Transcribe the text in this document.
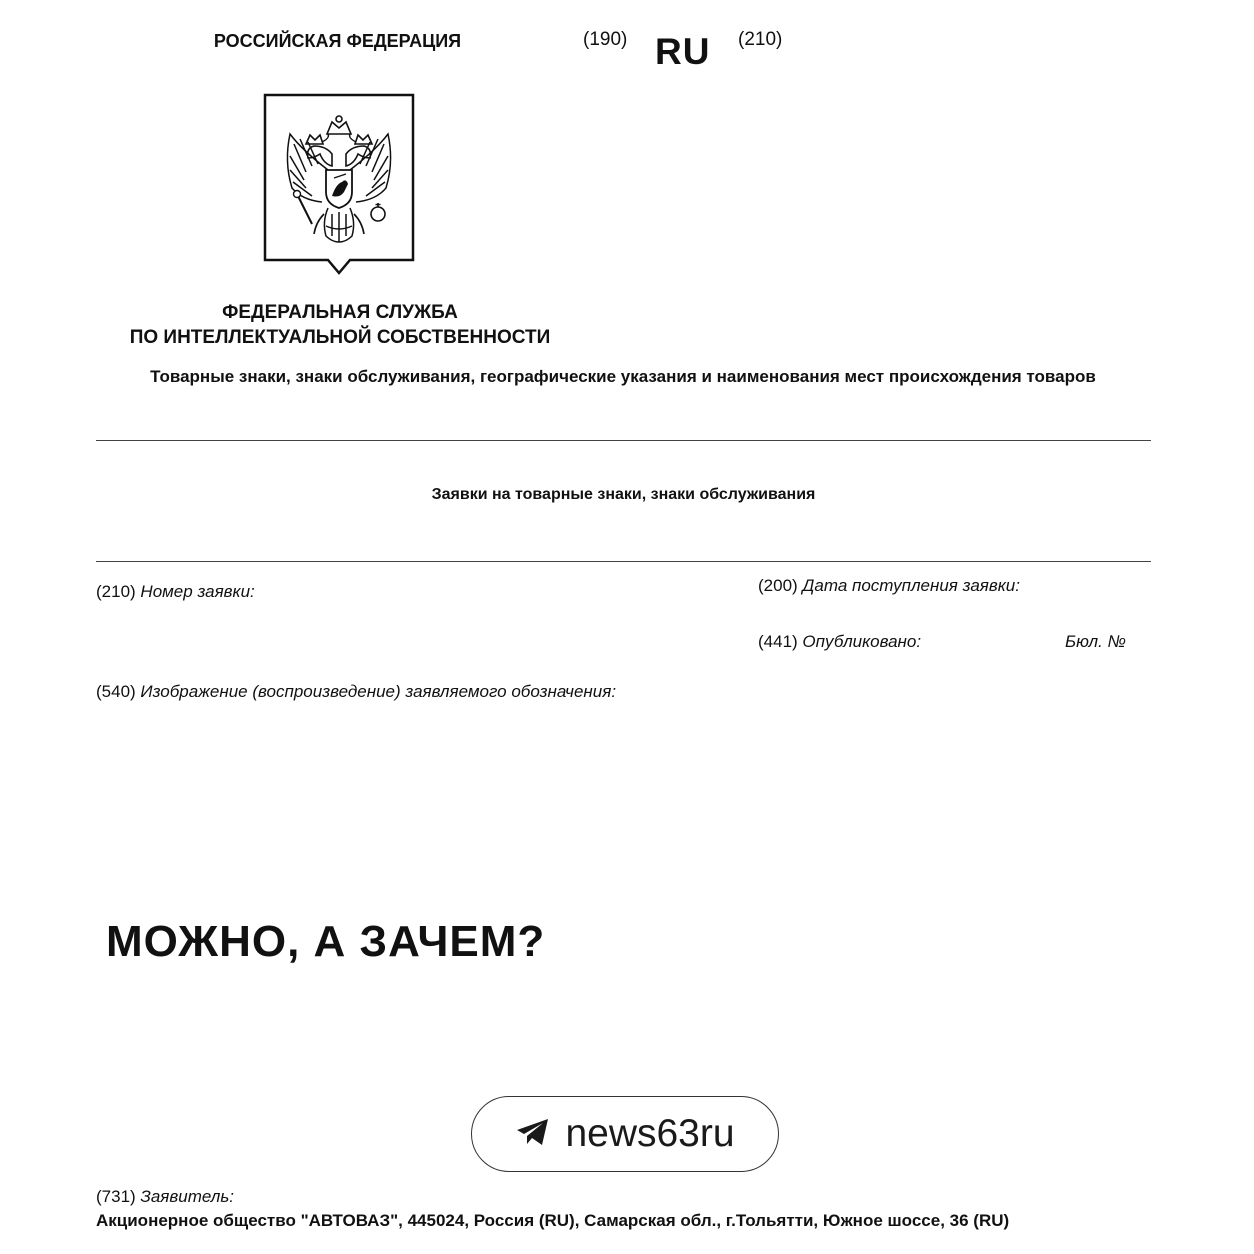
РОССИЙСКАЯ ФЕДЕРАЦИЯ	(190) RU (210)
ФЕДЕРАЛЬНАЯ СЛУЖБА
ПО ИНТЕЛЛЕКТУАЛЬНОЙ СОБСТВЕННОСТИ
Товарные знаки, знаки обслуживания, географические указания и наименования мест происхождения товаров
Заявки на товарные знаки, знаки обслуживания
(210) Номер заявки:	(200) Дата поступления заявки:
(441) Опубликовано:	Бюл. №
(540) Изображение (воспроизведение) заявляемого обозначения:
МОЖНО, А ЗАЧЕМ?
news63ru
(731) Заявитель:
Акционерное общество "АВТОВАЗ", 445024, Россия (RU), Самарская обл., г.Тольятти, Южное шоссе, 36 (RU)
